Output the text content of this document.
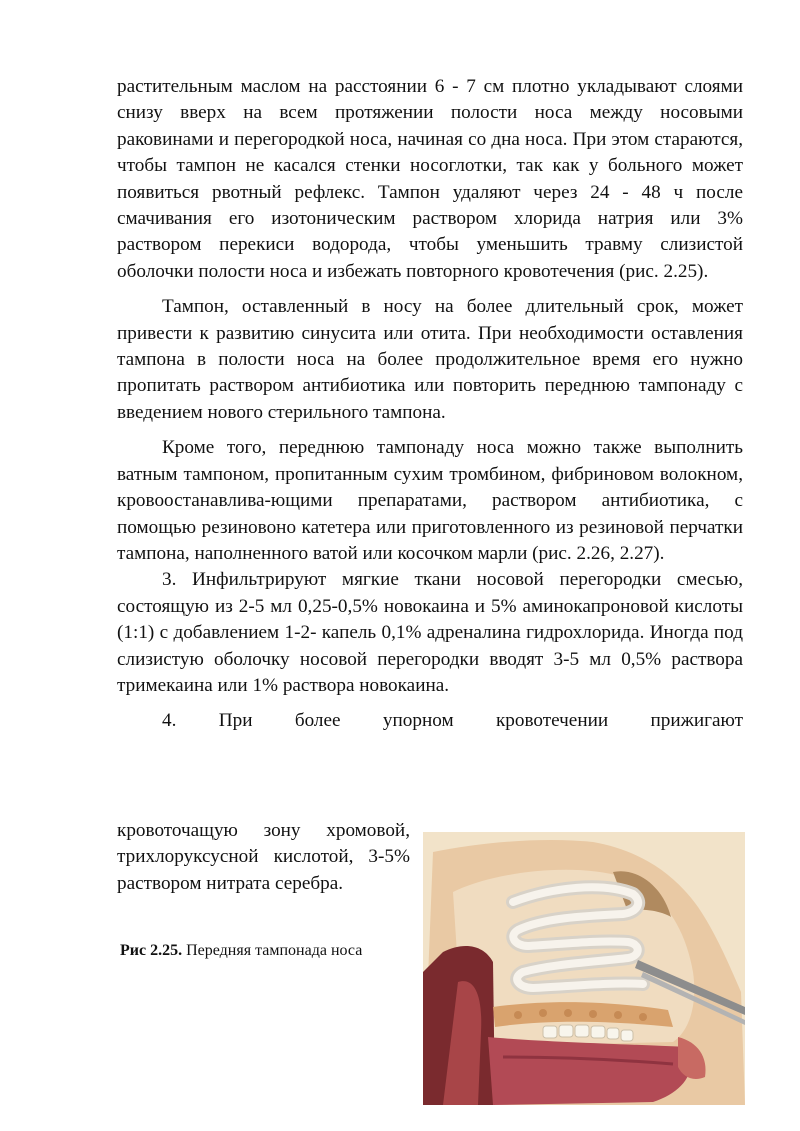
растительным маслом на расстоянии 6 - 7 см плотно укладывают слоями снизу вверх на всем протяжении полости носа между носовыми раковинами и перегородкой носа, начиная со дна носа. При этом стараются, чтобы тампон не касался стенки носоглотки, так как у больного может появиться рвотный рефлекс. Тампон удаляют через 24 - 48 ч после смачивания его изотоническим раствором хлорида натрия или 3% раствором перекиси водорода, чтобы уменьшить травму слизистой оболочки полости носа и избежать повторного кровотечения (рис. 2.25).

Тампон, оставленный в носу на более длительный срок, может привести к развитию синусита или отита. При необходимости оставления тампона в полости носа на более продолжительное время его нужно пропитать раствором антибиотика или повторить переднюю тампонаду с введением нового стерильного тампона.

Кроме того, переднюю тампонаду носа можно также выполнить ватным тампоном, пропитанным сухим тромбином, фибриновом волокном, кровоостанавлива-ющими препаратами, раствором антибиотика, с помощью резиновоно катетера или приготовленного из резиновой перчатки тампона, наполненного ватой или косочком марли (рис. 2.26, 2.27).

3. Инфильтрируют мягкие ткани носовой перегородки смесью, состоящую из 2-5 мл 0,25-0,5% новокаина и 5% аминокапроновой кислоты (1:1) с добавлением 1-2- капель 0,1% адреналина гидрохлорида. Иногда под слизистую оболочку носовой перегородки вводят 3-5 мл 0,5% раствора тримекаина или 1% раствора новокаина.

4. При более упорном кровотечении прижигают

кровоточащую зону хромовой, трихлоруксусной кислотой, 3-5% раствором нитрата серебра.
Рис 2.25. Передняя тампонада носа
